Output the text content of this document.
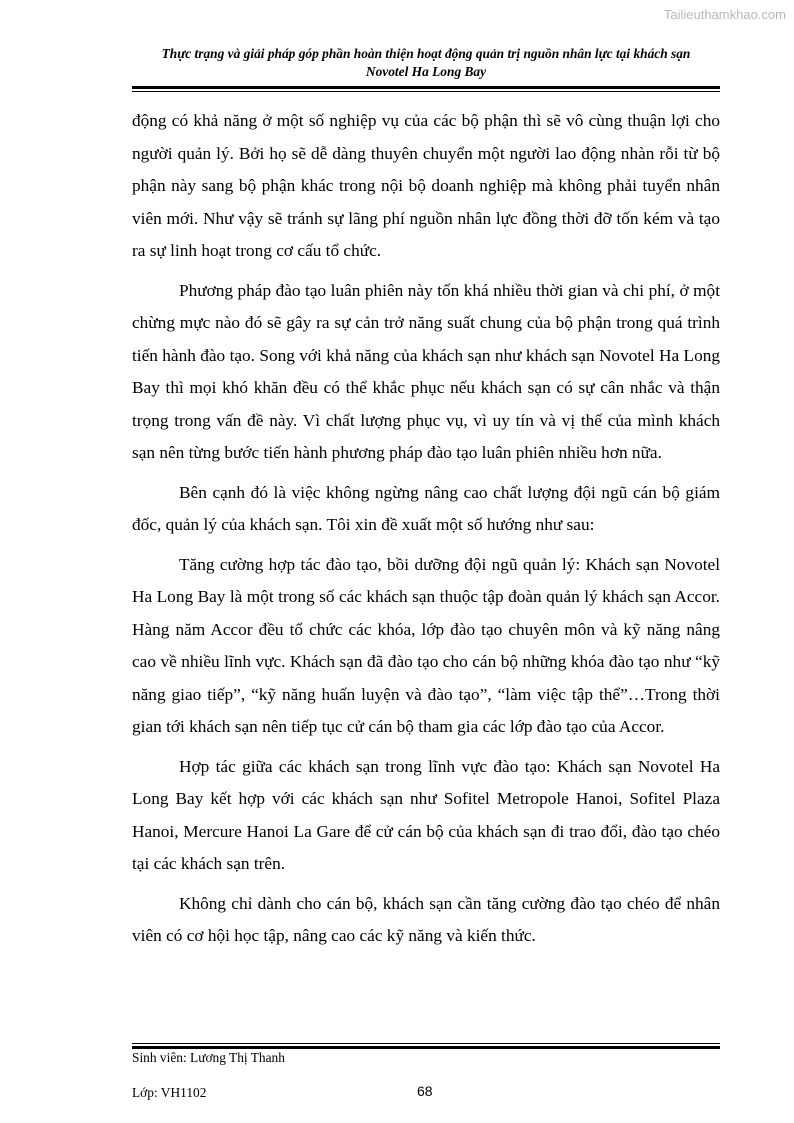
Tailieuthamkhao.com
Thực trạng và giải pháp góp phần hoàn thiện hoạt động quản trị nguồn nhân lực tại khách sạn
Novotel Ha Long Bay

động có khả năng ở một số nghiệp vụ của các bộ phận thì sẽ vô cùng thuận lợi cho người quản lý. Bởi họ sẽ dễ dàng thuyên chuyển một người lao động nhàn rỗi từ bộ phận này sang bộ phận khác trong nội bộ doanh nghiệp mà không phải tuyển nhân viên mới. Như vậy sẽ tránh sự lãng phí nguồn nhân lực đồng thời đỡ tốn kém và tạo ra sự linh hoạt trong cơ cấu tổ chức.

Phương pháp đào tạo luân phiên này tốn khá nhiều thời gian và chi phí, ở một chừng mực nào đó sẽ gây ra sự cản trở năng suất chung của bộ phận trong quá trình tiến hành đào tạo. Song với khả năng của khách sạn như khách sạn Novotel Ha Long Bay thì mọi khó khăn đều có thể khắc phục nếu khách sạn có sự cân nhắc và thận trọng trong vấn đề này. Vì chất lượng phục vụ, vì uy tín và vị thế của mình khách sạn nên từng bước tiến hành phương pháp đào tạo luân phiên nhiều hơn nữa.

Bên cạnh đó là việc không ngừng nâng cao chất lượng đội ngũ cán bộ giám đốc, quản lý của khách sạn. Tôi xin đề xuất một số hướng như sau:

Tăng cường hợp tác đào tạo, bồi dưỡng đội ngũ quản lý: Khách sạn Novotel Ha Long Bay là một trong số các khách sạn thuộc tập đoàn quản lý khách sạn Accor. Hàng năm Accor đều tổ chức các khóa, lớp đào tạo chuyên môn và kỹ năng nâng cao về nhiều lĩnh vực. Khách sạn đã đào tạo cho cán bộ những khóa đào tạo như “kỹ năng giao tiếp”, “kỹ năng huấn luyện và đào tạo”, “làm việc tập thể”…Trong thời gian tới khách sạn nên tiếp tục cử cán bộ tham gia các lớp đào tạo của Accor.

Hợp tác giữa các khách sạn trong lĩnh vực đào tạo: Khách sạn Novotel Ha Long Bay kết hợp với các khách sạn như Sofitel Metropole Hanoi, Sofitel Plaza Hanoi, Mercure Hanoi La Gare để cử cán bộ của khách sạn đi trao đổi, đào tạo chéo tại các khách sạn trên.

Không chỉ dành cho cán bộ, khách sạn cần tăng cường đào tạo chéo để nhân viên có cơ hội học tập, nâng cao các kỹ năng và kiến thức.

Sinh viên: Lương Thị Thanh
Lớp: VH1102	68
